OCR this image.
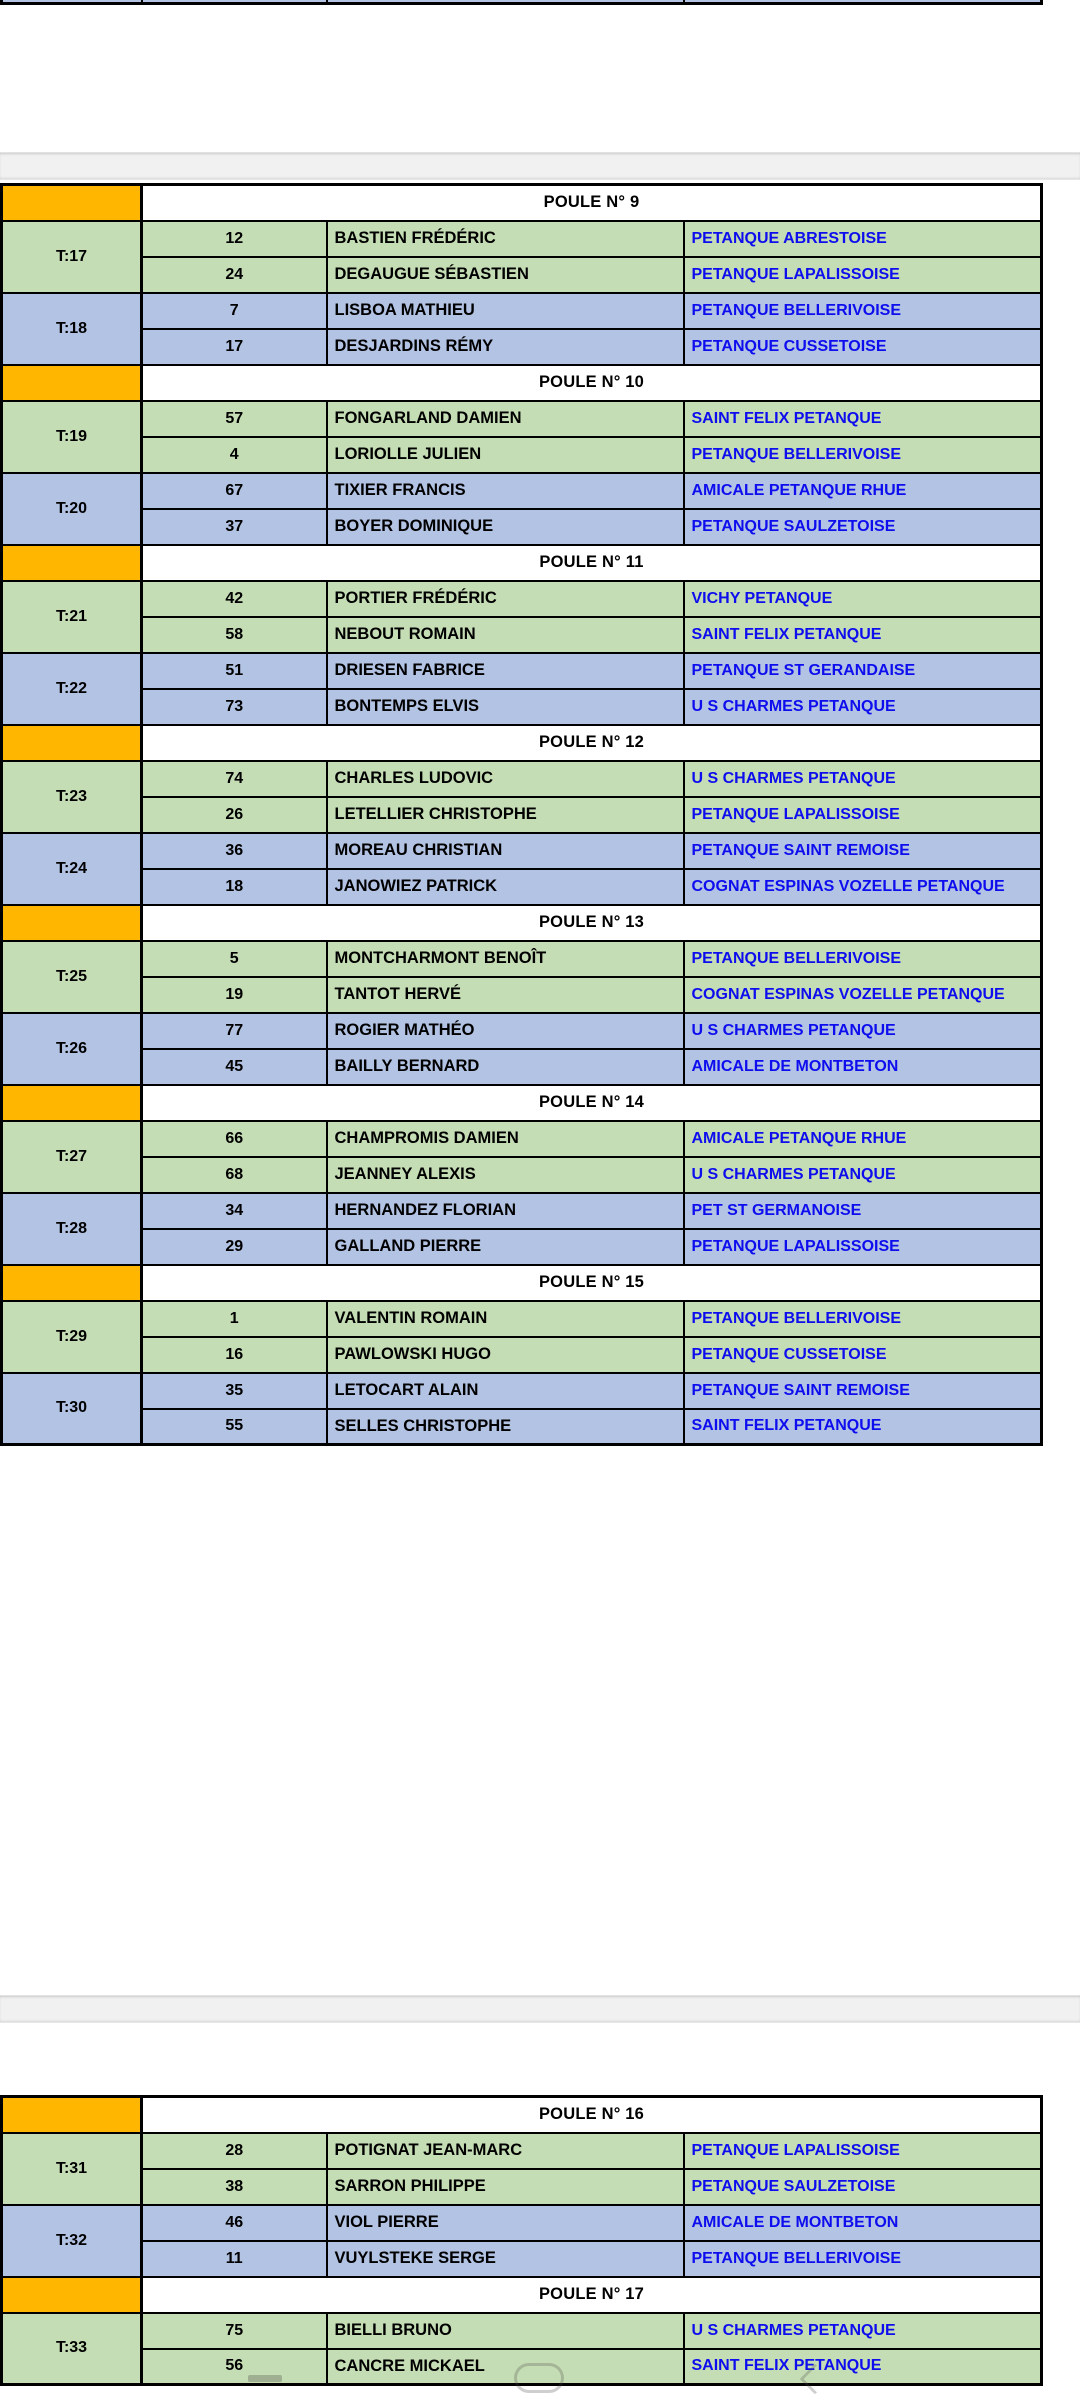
	POULE N° 9		
T:17	12	BASTIEN FRÉDÉRIC	PETANQUE ABRESTOISE
	24	DEGAUGUE SÉBASTIEN	PETANQUE LAPALISSOISE
T:18	7	LISBOA MATHIEU	PETANQUE BELLERIVOISE
	17	DESJARDINS RÉMY	PETANQUE CUSSETOISE
	POULE N° 10		
T:19	57	FONGARLAND DAMIEN	SAINT FELIX PETANQUE
	4	LORIOLLE JULIEN	PETANQUE BELLERIVOISE
T:20	67	TIXIER FRANCIS	AMICALE PETANQUE RHUE
	37	BOYER DOMINIQUE	PETANQUE SAULZETOISE
	POULE N° 11		
T:21	42	PORTIER FRÉDÉRIC	VICHY PETANQUE
	58	NEBOUT ROMAIN	SAINT FELIX PETANQUE
T:22	51	DRIESEN FABRICE	PETANQUE ST GERANDAISE
	73	BONTEMPS ELVIS	U S CHARMES PETANQUE
	POULE N° 12		
T:23	74	CHARLES LUDOVIC	U S CHARMES PETANQUE
	26	LETELLIER CHRISTOPHE	PETANQUE LAPALISSOISE
T:24	36	MOREAU CHRISTIAN	PETANQUE SAINT REMOISE
	18	JANOWIEZ PATRICK	COGNAT ESPINAS VOZELLE PETANQUE
	POULE N° 13		
T:25	5	MONTCHARMONT BENOÎT	PETANQUE BELLERIVOISE
	19	TANTOT HERVÉ	COGNAT ESPINAS VOZELLE PETANQUE
T:26	77	ROGIER MATHÉO	U S CHARMES PETANQUE
	45	BAILLY BERNARD	AMICALE DE MONTBETON
	POULE N° 14		
T:27	66	CHAMPROMIS DAMIEN	AMICALE PETANQUE RHUE
	68	JEANNEY ALEXIS	U S CHARMES PETANQUE
T:28	34	HERNANDEZ FLORIAN	PET ST GERMANOISE
	29	GALLAND PIERRE	PETANQUE LAPALISSOISE
	POULE N° 15		
T:29	1	VALENTIN ROMAIN	PETANQUE BELLERIVOISE
	16	PAWLOWSKI HUGO	PETANQUE CUSSETOISE
T:30	35	LETOCART ALAIN	PETANQUE SAINT REMOISE
	55	SELLES CHRISTOPHE	SAINT FELIX PETANQUE
	POULE N° 16		
T:31	28	POTIGNAT JEAN-MARC	PETANQUE LAPALISSOISE
	38	SARRON PHILIPPE	PETANQUE SAULZETOISE
T:32	46	VIOL PIERRE	AMICALE DE MONTBETON
	11	VUYLSTEKE SERGE	PETANQUE BELLERIVOISE
	POULE N° 17		
T:33	75	BIELLI BRUNO	U S CHARMES PETANQUE
	56	CANCRE MICKAEL	SAINT FELIX PETANQUE
